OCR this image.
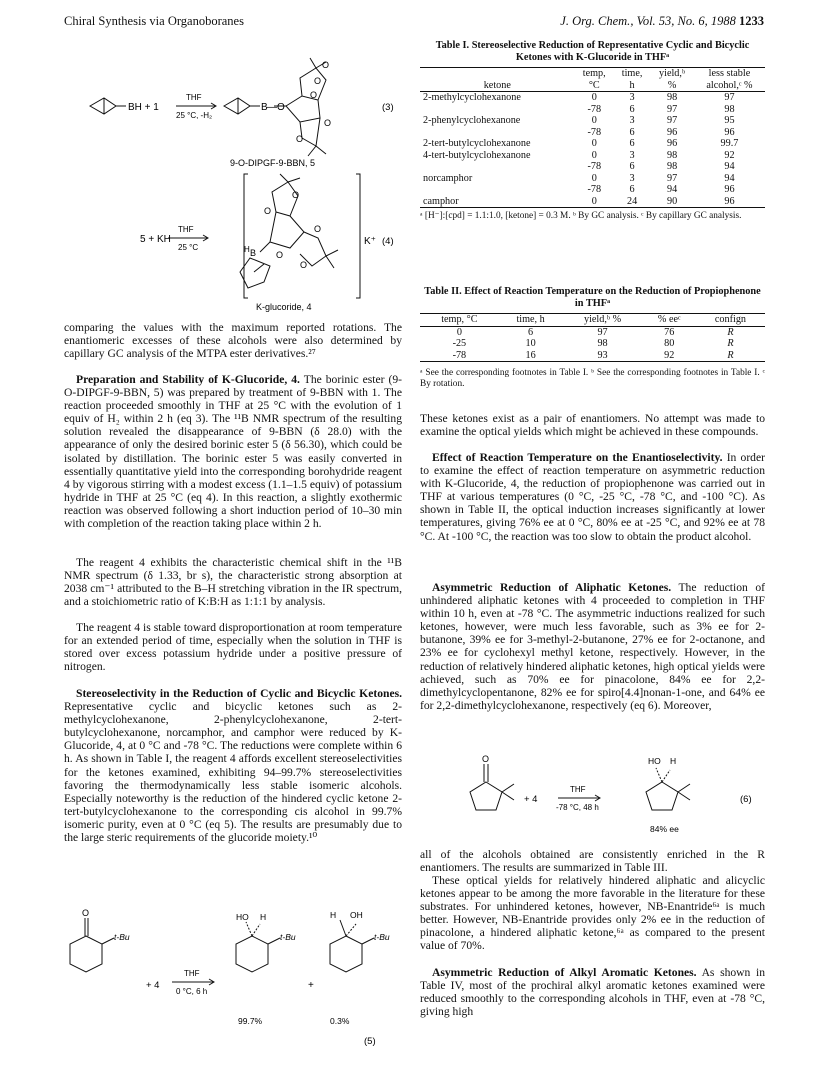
Chiral Synthesis via Organoboranes	J. Org. Chem., Vol. 53, No. 6, 1988 1233
BH + 1
THF
25 °C, -H₂
B —O
O
O
O
O
O
(3)
9-O-DIPGF-9-BBN, 5
5 + KH
THF
25 °C
O
O
O
B
H
O
O
K⁺ (4)
K-glucoride, 4

comparing the values with the maximum reported rotations. The enantiomeric excesses of these alcohols were also determined by capillary GC analysis of the MTPA ester derivatives.²⁷

Preparation and Stability of K-Glucoride, 4. The borinic ester (9-O-DIPGF-9-BBN, 5) was prepared by treatment of 9-BBN with 1. The reaction proceeded smoothly in THF at 25 °C with the evolution of 1 equiv of H₂ within 2 h (eq 3). The ¹¹B NMR spectrum of the resulting solution revealed the disappearance of 9-BBN (δ 28.0) with the appearance of only the desired borinic ester 5 (δ 56.30), which could be isolated by distillation. The borinic ester 5 was easily converted in essentially quantitative yield into the corresponding borohydride reagent 4 by vigorous stirring with a modest excess (1.1–1.5 equiv) of potassium hydride in THF at 25 °C (eq 4). In this reaction, a slightly exothermic reaction was observed following a short induction period of 10–30 min with completion of the reaction taking place within 2 h.

The reagent 4 exhibits the characteristic chemical shift in the ¹¹B NMR spectrum (δ 1.33, br s), the characteristic strong absorption at 2038 cm⁻¹ attributed to the B–H stretching vibration in the IR spectrum, and a stoichiometric ratio of K:B:H as 1:1:1 by analysis.

The reagent 4 is stable toward disproportionation at room temperature for an extended period of time, especially when the solution in THF is stored over excess potassium hydride under a positive pressure of nitrogen.

Stereoselectivity in the Reduction of Cyclic and Bicyclic Ketones. Representative cyclic and bicyclic ketones such as 2-methylcyclohexanone, 2-phenylcyclohexanone, 2-tert-butylcyclohexanone, norcamphor, and camphor were reduced by K-Glucoride, 4, at 0 °C and -78 °C. The reductions were complete within 6 h. As shown in Table I, the reagent 4 affords excellent stereoselectivities for the ketones examined, exhibiting 94–99.7% stereoselectivities favoring the thermodynamically less stable isomeric alcohols. Especially noteworthy is the reduction of the hindered cyclic ketone 2-tert-butylcyclohexanone to the corresponding cis alcohol in 99.7% isomeric purity, even at 0 °C (eq 5). The results are presumably due to the large steric requirements of the glucoride moiety.¹⁰

O
t-Bu
+ 4
THF
0 °C, 6 h
HO H
t-Bu
+
H OH
t-Bu
99.7%	0.3%
(5)
Table I. Stereoselective Reduction of Representative Cyclic and Bicyclic Ketones with K-Glucoride in THFᵃ
	temp,	time,	yield,ᵇ	less stable
ketone	°C	h	%	alcohol,ᶜ %
2-methylcyclohexanone	0	3	98	97
	-78	6	97	98
2-phenylcyclohexanone	0	3	97	95
	-78	6	96	96
2-tert-butylcyclohexanone	0	6	96	99.7
4-tert-butylcyclohexanone	0	3	98	92
	-78	6	98	94
norcamphor	0	3	97	94
	-78	6	94	96
camphor	0	24	90	96
ᵃ [H⁻]:[cpd] = 1.1:1.0, [ketone] = 0.3 M. ᵇ By GC analysis. ᶜ By capillary GC analysis.
Table II. Effect of Reaction Temperature on the Reduction of Propiophenone in THFᵃ
temp, °C	time, h	yield,ᵇ %	% eeᶜ	confign
0	6	97	76	R
-25	10	98	80	R
-78	16	93	92	R
ᵃ See the corresponding footnotes in Table I. ᵇ See the corresponding footnotes in Table I. ᶜ By rotation.

These ketones exist as a pair of enantiomers. No attempt was made to examine the optical yields which might be achieved in these compounds.

Effect of Reaction Temperature on the Enantioselectivity. In order to examine the effect of reaction temperature on asymmetric reduction with K-Glucoride, 4, the reduction of propiophenone was carried out in THF at various temperatures (0 °C, -25 °C, -78 °C, and -100 °C). As shown in Table II, the optical induction increases significantly at lower temperatures, giving 76% ee at 0 °C, 80% ee at -25 °C, and 92% ee at 78 °C. At -100 °C, the reaction was too slow to obtain the product alcohol.

Asymmetric Reduction of Aliphatic Ketones. The reduction of unhindered aliphatic ketones with 4 proceeded to completion in THF within 10 h, even at -78 °C. The asymmetric inductions realized for such ketones, however, were much less favorable, such as 3% ee for 2-butanone, 39% ee for 3-methyl-2-butanone, 27% ee for 2-octanone, and 23% ee for cyclohexyl methyl ketone, respectively. However, in the reduction of relatively hindered aliphatic ketones, high optical yields were achieved, such as 70% ee for pinacolone, 84% ee for 2,2-dimethylcyclopentanone, 82% ee for spiro[4.4]nonan-1-one, and 64% ee for 2,2-dimethylcyclohexanone, respectively (eq 6). Moreover,

O
+ 4
THF
-78 °C, 48 h
HO H
84% ee
(6)

all of the alcohols obtained are consistently enriched in the R enantiomers. The results are summarized in Table III.

These optical yields for relatively hindered aliphatic and alicyclic ketones appear to be among the more favorable in the literature for these substrates. For unhindered ketones, however, NB-Enantride⁶ᵃ is much better. However, NB-Enantride provides only 2% ee in the reduction of pinacolone, a hindered aliphatic ketone,⁶ᵃ as compared to the present value of 70%.

Asymmetric Reduction of Alkyl Aromatic Ketones. As shown in Table IV, most of the prochiral alkyl aromatic ketones examined were reduced smoothly to the corresponding alcohols in THF, even at -78 °C, giving high
